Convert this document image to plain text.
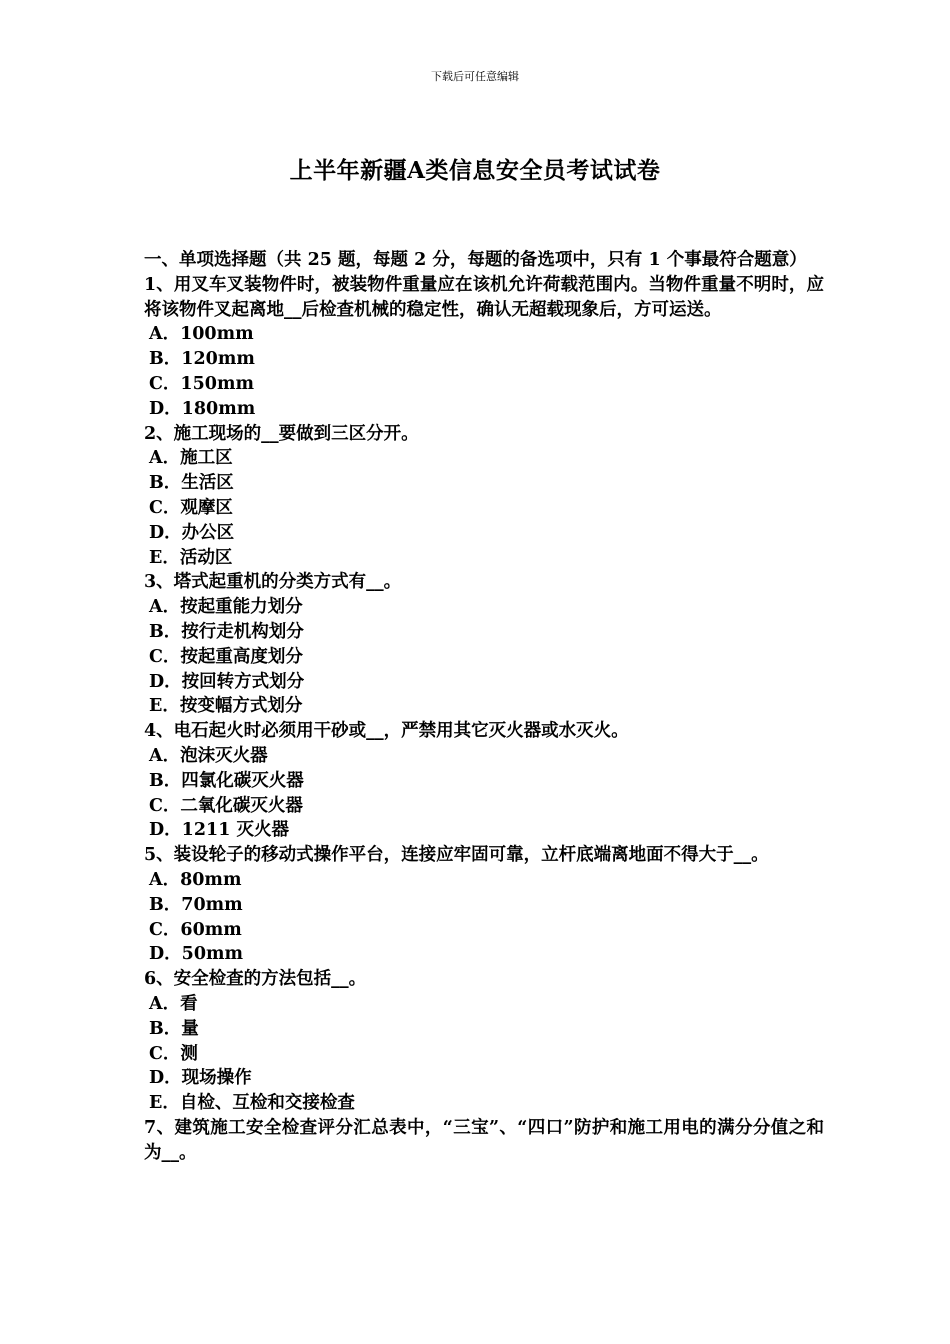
下载后可任意编辑
上半年新疆A类信息安全员考试试卷

一、单项选择题（共 25 题，每题 2 分，每题的备选项中，只有 1 个事最符合题意）

1、用叉车叉装物件时，被装物件重量应在该机允许荷载范围内。当物件重量不明时，应将该物件叉起离地__后检查机械的稳定性，确认无超载现象后，方可运送。

A．100mm

B．120mm

C．150mm

D．180mm

2、施工现场的__要做到三区分开。

A．施工区

B．生活区

C．观摩区

D．办公区

E．活动区

3、塔式起重机的分类方式有__。

A．按起重能力划分

B．按行走机构划分

C．按起重高度划分

D．按回转方式划分

E．按变幅方式划分

4、电石起火时必须用干砂或__，严禁用其它灭火器或水灭火。

A．泡沫灭火器

B．四氯化碳灭火器

C．二氧化碳灭火器

D．1211 灭火器

5、装设轮子的移动式操作平台，连接应牢固可靠，立杆底端离地面不得大于__。

A．80mm

B．70mm

C．60mm

D．50mm

6、安全检查的方法包括__。

A．看

B．量

C．测

D．现场操作

E．自检、互检和交接检查

7、建筑施工安全检查评分汇总表中，“三宝”、“四口”防护和施工用电的满分分值之和为__。
